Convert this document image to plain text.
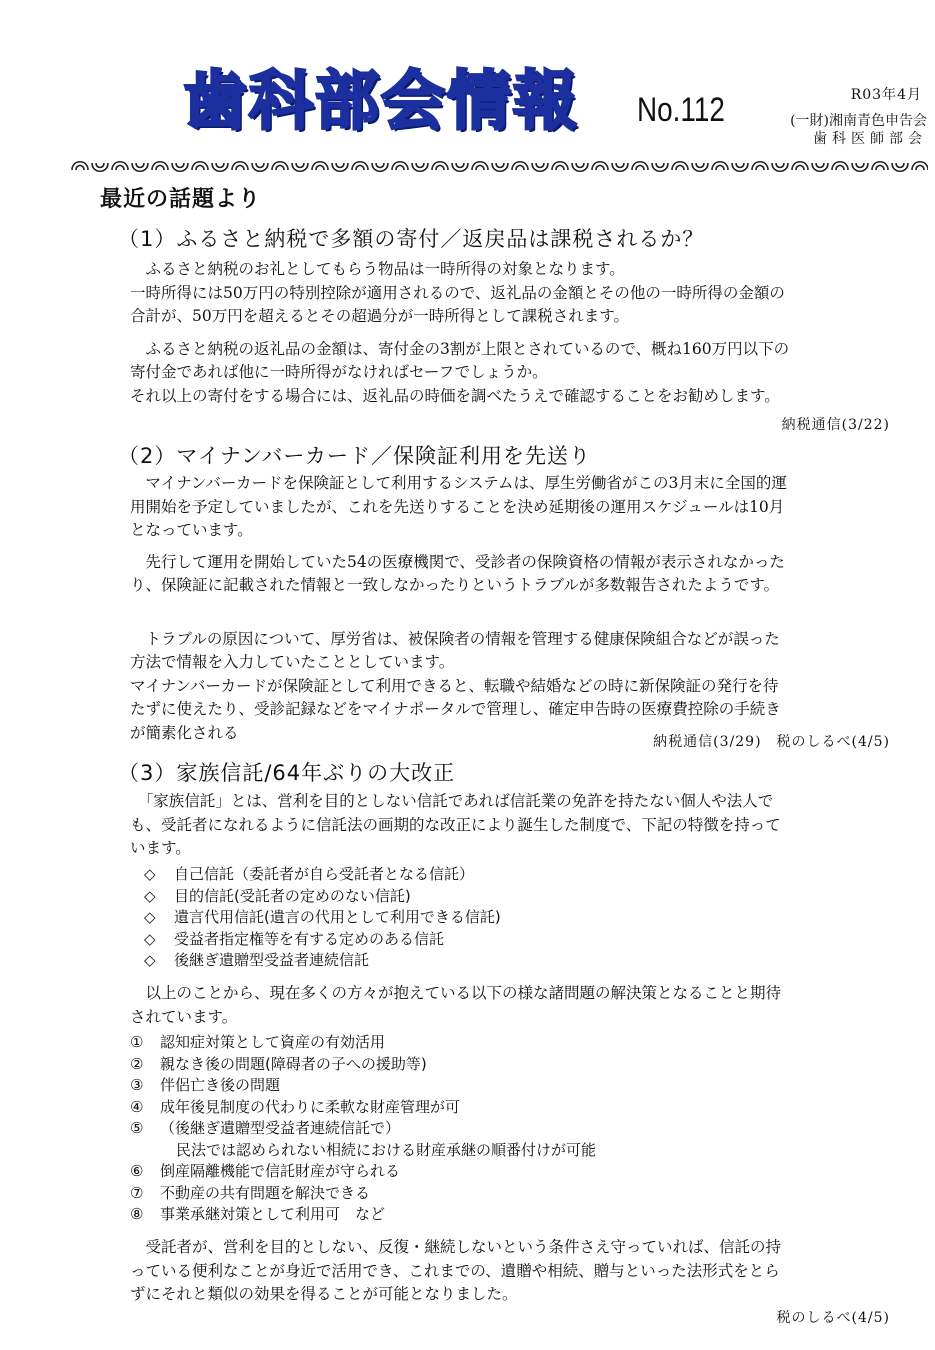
歯科部会情報 No.112	R03年4月
(一財)湘南青色申告会
歯科医師部会
最近の話題より
（1）ふるさと納税で多額の寄付／返戻品は課税されるか？

　ふるさと納税のお礼としてもらう物品は一時所得の対象となります。

一時所得には50万円の特別控除が適用されるので、返礼品の金額とその他の一時所得の金額の

合計が、50万円を超えるとその超過分が一時所得として課税されます。

　ふるさと納税の返礼品の金額は、寄付金の3割が上限とされているので、概ね160万円以下の

寄付金であれば他に一時所得がなければセーフでしょうか。

それ以上の寄付をする場合には、返礼品の時価を調べたうえで確認することをお勧めします。

納税通信(3/22)
（2）マイナンバーカード／保険証利用を先送り

　マイナンバーカードを保険証として利用するシステムは、厚生労働省がこの3月末に全国的運

用開始を予定していましたが、これを先送りすることを決め延期後の運用スケジュールは10月

となっています。

　先行して運用を開始していた54の医療機関で、受診者の保険資格の情報が表示されなかった

り、保険証に記載された情報と一致しなかったりというトラブルが多数報告されたようです。

　トラブルの原因について、厚労省は、被保険者の情報を管理する健康保険組合などが誤った

方法で情報を入力していたこととしています。

マイナンバーカードが保険証として利用できると、転職や結婚などの時に新保険証の発行を待

たずに使えたり、受診記録などをマイナポータルで管理し、確定申告時の医療費控除の手続き

が簡素化される

納税通信(3/29)　税のしるべ(4/5)
（3）家族信託/64年ぶりの大改正

　「家族信託」とは、営利を目的としない信託であれば信託業の免許を持たない個人や法人で

も、受託者になれるように信託法の画期的な改正により誕生した制度で、下記の特徴を持って

います。

◇	自己信託（委託者が自ら受託者となる信託）
◇	目的信託(受託者の定めのない信託)
◇	遺言代用信託(遺言の代用として利用できる信託)
◇	受益者指定権等を有する定めのある信託
◇	後継ぎ遺贈型受益者連続信託

　以上のことから、現在多くの方々が抱えている以下の様な諸問題の解決策となることと期待

されています。

①	認知症対策として資産の有効活用
②	親なき後の問題(障碍者の子への援助等)
③	伴侶亡き後の問題
④	成年後見制度の代わりに柔軟な財産管理が可
⑤	（後継ぎ遺贈型受益者連続信託で）
民法では認められない相続における財産承継の順番付けが可能
⑥	倒産隔離機能で信託財産が守られる
⑦	不動産の共有問題を解決できる
⑧	事業承継対策として利用可　など

　受託者が、営利を目的としない、反復・継続しないという条件さえ守っていれば、信託の持

っている便利なことが身近で活用でき、これまでの、遺贈や相続、贈与といった法形式をとら

ずにそれと類似の効果を得ることが可能となりました。

税のしるべ(4/5)
